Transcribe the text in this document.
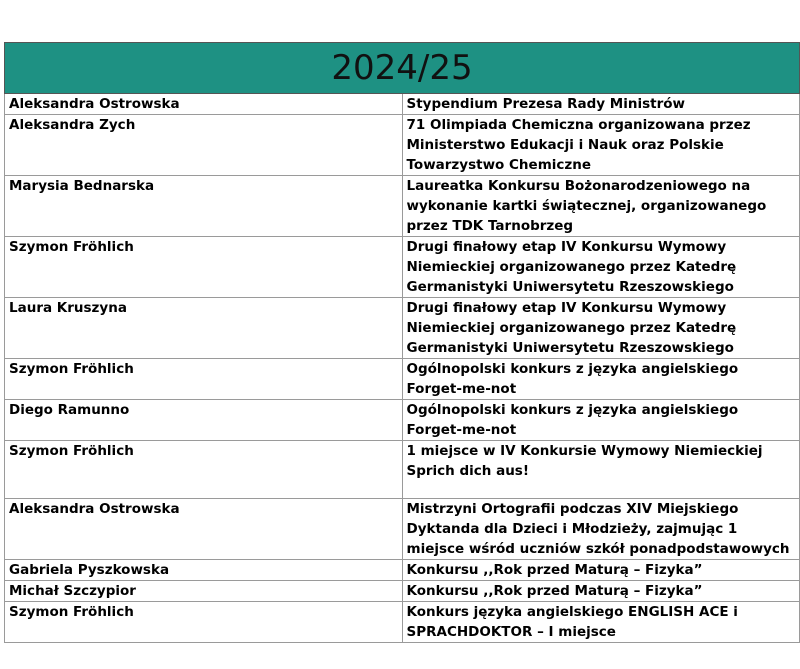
2024/25	
Aleksandra Ostrowska	Stypendium Prezesa Rady Ministrów
Aleksandra Zych	71 Olimpiada Chemiczna organizowana przez Ministerstwo Edukacji i Nauk oraz Polskie Towarzystwo Chemiczne
Marysia Bednarska	Laureatka Konkursu Bożonarodzeniowego na wykonanie kartki świątecznej, organizowanego przez TDK Tarnobrzeg
Szymon Fröhlich	Drugi finałowy etap IV Konkursu Wymowy Niemieckiej organizowanego przez Katedrę Germanistyki Uniwersytetu Rzeszowskiego
Laura Kruszyna	Drugi finałowy etap IV Konkursu Wymowy Niemieckiej organizowanego przez Katedrę Germanistyki Uniwersytetu Rzeszowskiego
Szymon Fröhlich	Ogólnopolski konkurs z języka angielskiego Forget-me-not
Diego Ramunno	Ogólnopolski konkurs z języka angielskiego Forget-me-not
Szymon Fröhlich	1 miejsce w IV Konkursie Wymowy Niemieckiej Sprich dich aus!
Aleksandra Ostrowska	Mistrzyni Ortografii podczas XIV Miejskiego Dyktanda dla Dzieci i Młodzieży, zajmując 1 miejsce wśród uczniów szkół ponadpodstawowych
Gabriela Pyszkowska	Konkursu ,,Rok przed Maturą – Fizyka”
Michał Szczypior	Konkursu ,,Rok przed Maturą – Fizyka”
Szymon Fröhlich	Konkurs języka angielskiego ENGLISH ACE i SPRACHDOKTOR – I miejsce
